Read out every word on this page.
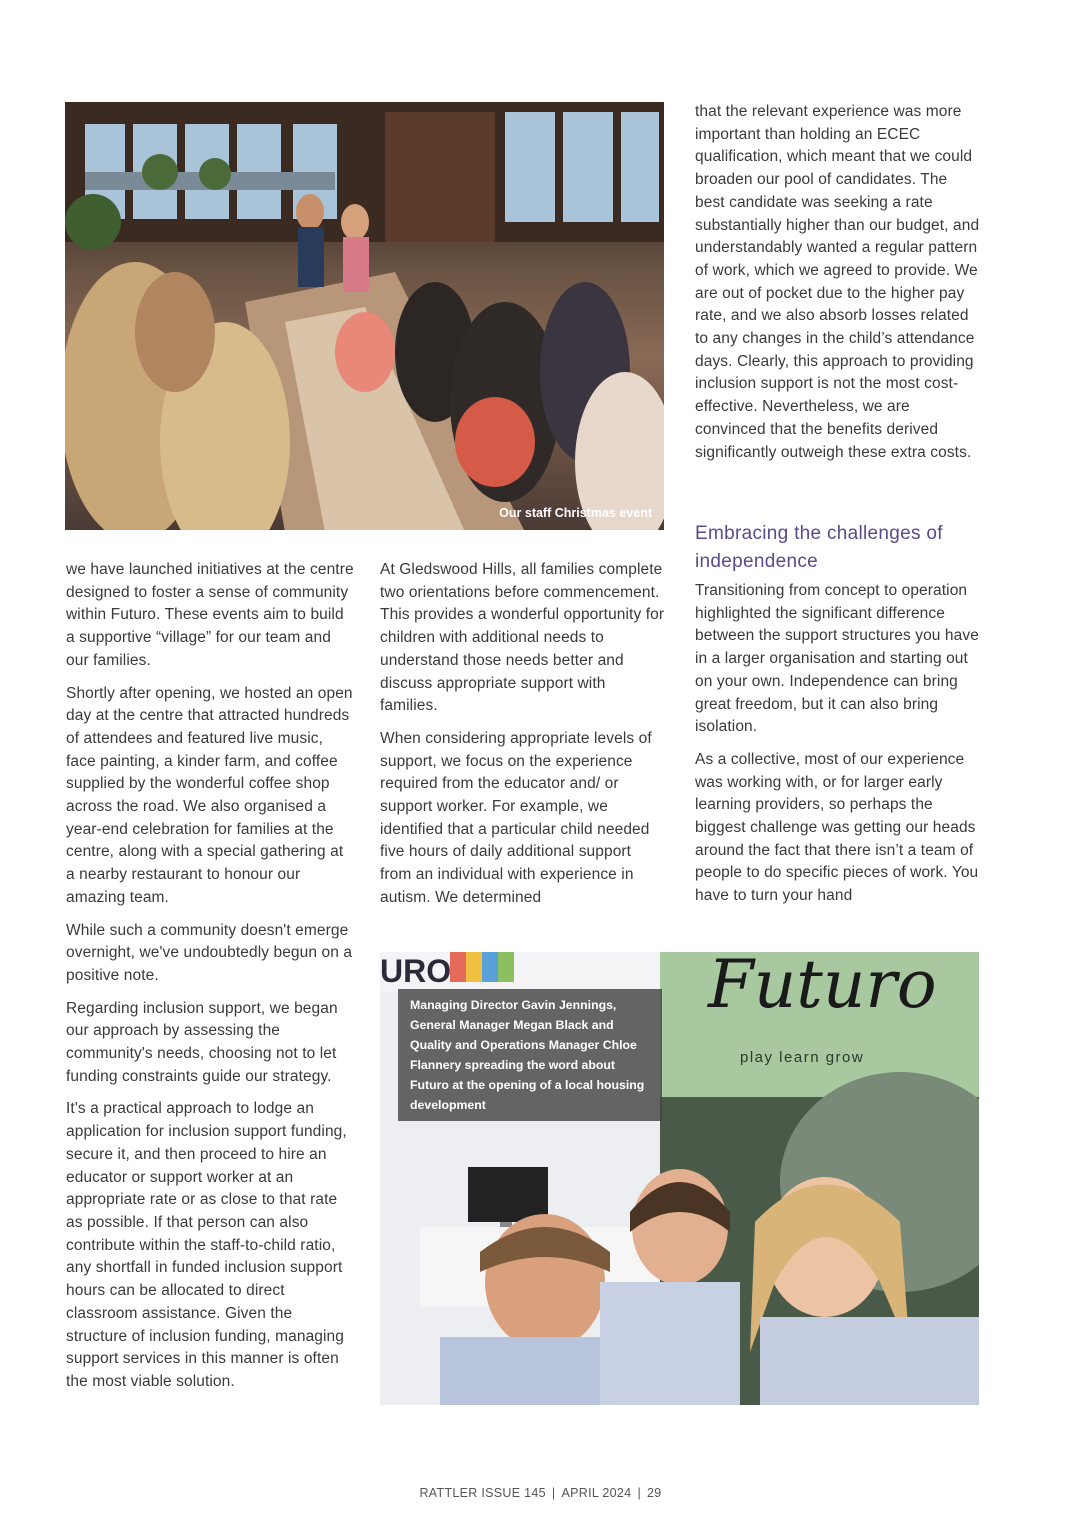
Our staff Christmas event

that the relevant experience was more important than holding an ECEC qualification, which meant that we could broaden our pool of candidates. The best candidate was seeking a rate substantially higher than our budget, and understandably wanted a regular pattern of work, which we agreed to provide. We are out of pocket due to the higher pay rate, and we also absorb losses related to any changes in the child’s attendance days. Clearly, this approach to providing inclusion support is not the most cost-effective. Nevertheless, we are convinced that the benefits derived significantly outweigh these extra costs.

Embracing the challenges of independence

Transitioning from concept to operation highlighted the significant difference between the support structures you have in a larger organisation and starting out on your own. Independence can bring great freedom, but it can also bring isolation.

As a collective, most of our experience was working with, or for larger early learning providers, so perhaps the biggest challenge was getting our heads around the fact that there isn’t a team of people to do specific pieces of work. You have to turn your hand

we have launched initiatives at the centre designed to foster a sense of community within Futuro. These events aim to build a supportive “village” for our team and our families.

Shortly after opening, we hosted an open day at the centre that attracted hundreds of attendees and featured live music, face painting, a kinder farm, and coffee supplied by the wonderful coffee shop across the road. We also organised a year-end celebration for families at the centre, along with a special gathering at a nearby restaurant to honour our amazing team.

While such a community doesn't emerge overnight, we've undoubtedly begun on a positive note.

Regarding inclusion support, we began our approach by assessing the community's needs, choosing not to let funding constraints guide our strategy.

It's a practical approach to lodge an application for inclusion support funding, secure it, and then proceed to hire an educator or support worker at an appropriate rate or as close to that rate as possible. If that person can also contribute within the staff-to-child ratio, any shortfall in funded inclusion support hours can be allocated to direct classroom assistance. Given the structure of inclusion funding, managing support services in this manner is often the most viable solution.

At Gledswood Hills, all families complete two orientations before commencement. This provides a wonderful opportunity for children with additional needs to understand those needs better and discuss appropriate support with families.

When considering appropriate levels of support, we focus on the experience required from the educator and/ or support worker. For example, we identified that a particular child needed five hours of daily additional support from an individual with experience in autism. We determined

Futuro
play learn grow
URO
Managing Director Gavin Jennings, General Manager Megan Black and Quality and Operations Manager Chloe Flannery spreading the word about Futuro at the opening of a local housing development
RATTLER ISSUE 145 | APRIL 2024 | 29
